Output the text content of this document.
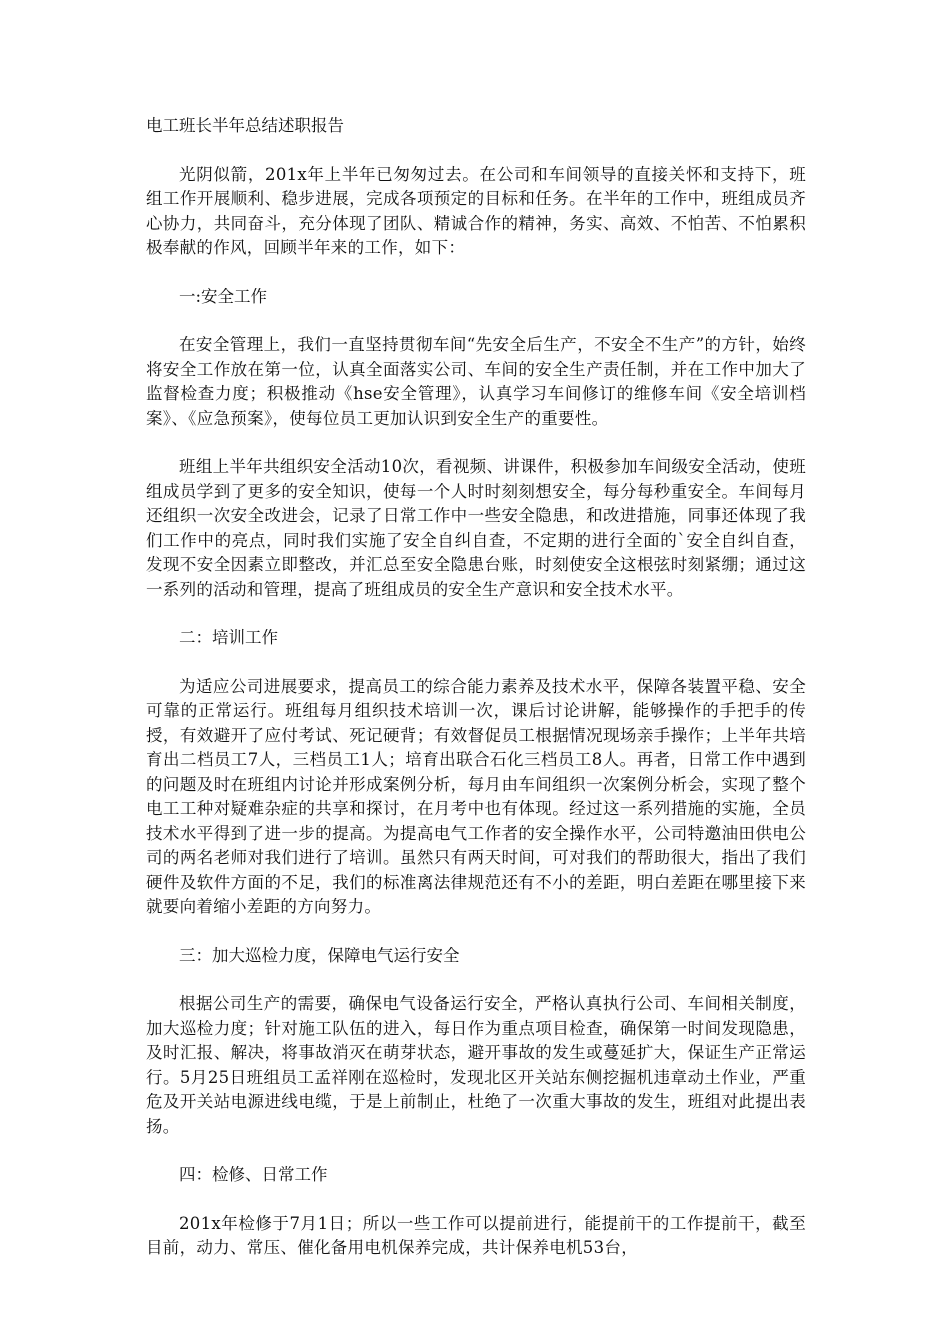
电工班长半年总结述职报告

光阴似箭，201x年上半年已匆匆过去。在公司和车间领导的直接关怀和支持下，班组工作开展顺利、稳步进展，完成各项预定的目标和任务。在半年的工作中，班组成员齐心协力，共同奋斗，充分体现了团队、精诚合作的精神，务实、高效、不怕苦、不怕累积极奉献的作风，回顾半年来的工作，如下：

一:安全工作

在安全管理上，我们一直坚持贯彻车间“先安全后生产，不安全不生产”的方针，始终将安全工作放在第一位，认真全面落实公司、车间的安全生产责任制，并在工作中加大了监督检查力度；积极推动《hse安全管理》，认真学习车间修订的维修车间《安全培训档案》、《应急预案》，使每位员工更加认识到安全生产的重要性。

班组上半年共组织安全活动10次，看视频、讲课件，积极参加车间级安全活动，使班组成员学到了更多的安全知识，使每一个人时时刻刻想安全，每分每秒重安全。车间每月还组织一次安全改进会，记录了日常工作中一些安全隐患，和改进措施，同事还体现了我们工作中的亮点，同时我们实施了安全自纠自查，不定期的进行全面的`安全自纠自查，发现不安全因素立即整改，并汇总至安全隐患台账，时刻使安全这根弦时刻紧绷；通过这一系列的活动和管理，提高了班组成员的安全生产意识和安全技术水平。

二：培训工作

为适应公司进展要求，提高员工的综合能力素养及技术水平，保障各装置平稳、安全可靠的正常运行。班组每月组织技术培训一次，课后讨论讲解，能够操作的手把手的传授，有效避开了应付考试、死记硬背；有效督促员工根据情况现场亲手操作；上半年共培育出二档员工7人，三档员工1人；培育出联合石化三档员工8人。再者，日常工作中遇到的问题及时在班组内讨论并形成案例分析，每月由车间组织一次案例分析会，实现了整个电工工种对疑难杂症的共享和探讨，在月考中也有体现。经过这一系列措施的实施，全员技术水平得到了进一步的提高。为提高电气工作者的安全操作水平，公司特邀油田供电公司的两名老师对我们进行了培训。虽然只有两天时间，可对我们的帮助很大，指出了我们硬件及软件方面的不足，我们的标准离法律规范还有不小的差距，明白差距在哪里接下来就要向着缩小差距的方向努力。

三：加大巡检力度，保障电气运行安全

根据公司生产的需要，确保电气设备运行安全，严格认真执行公司、车间相关制度，加大巡检力度；针对施工队伍的进入，每日作为重点项目检查，确保第一时间发现隐患，及时汇报、解决，将事故消灭在萌芽状态，避开事故的发生或蔓延扩大，保证生产正常运行。5月25日班组员工孟祥刚在巡检时，发现北区开关站东侧挖掘机违章动土作业，严重危及开关站电源进线电缆，于是上前制止，杜绝了一次重大事故的发生，班组对此提出表扬。

四：检修、日常工作

201x年检修于7月1日；所以一些工作可以提前进行，能提前干的工作提前干，截至目前，动力、常压、催化备用电机保养完成，共计保养电机53台，
